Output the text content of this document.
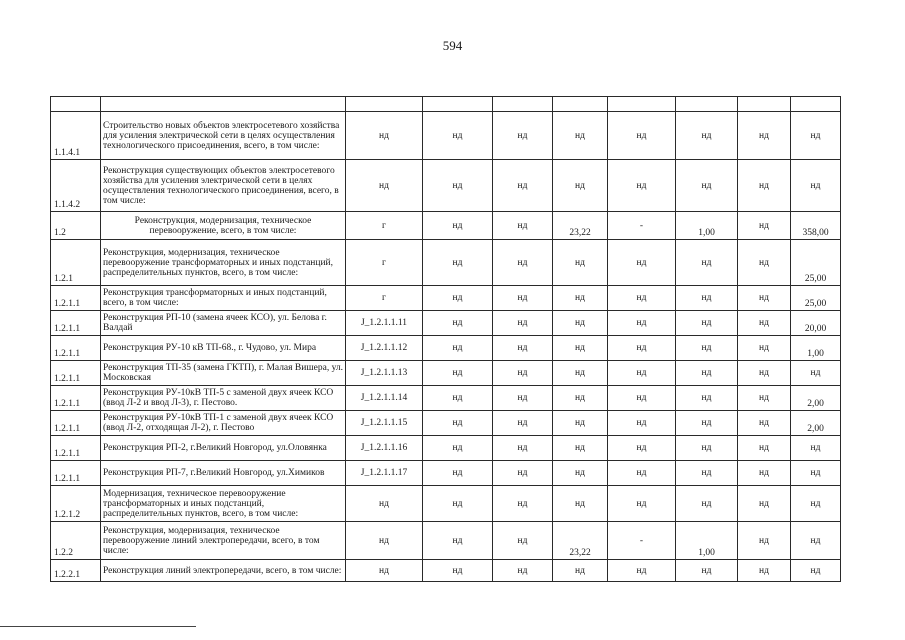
594

1.1.4.1	Строительство новых объектов электросетевого хозяйства для усиления электрической сети в целях осуществления технологического присоединения, всего, в том числе:	нд	нд	нд	нд	нд	нд	нд	нд
1.1.4.2	Реконструкция существующих объектов электросетевого хозяйства для усиления электрической сети в целях осуществления технологического присоединения, всего, в том числе:	нд	нд	нд	нд	нд	нд	нд	нд
1.2	Реконструкция, модернизация, техническое перевооружение, всего, в том числе:	г	нд	нд	23,22	-	1,00	нд	358,00
1.2.1	Реконструкция, модернизация, техническое перевооружение трансформаторных и иных подстанций, распределительных пунктов, всего, в том числе:	г	нд	нд	нд	нд	нд	нд	25,00
1.2.1.1	Реконструкция трансформаторных и иных подстанций, всего, в том числе:	г	нд	нд	нд	нд	нд	нд	25,00
1.2.1.1	Реконструкция РП-10 (замена ячеек КСО), ул. Белова г. Валдай	J_1.2.1.1.11	нд	нд	нд	нд	нд	нд	20,00
1.2.1.1	Реконструкция РУ-10 кВ ТП-68., г. Чудово, ул. Мира	J_1.2.1.1.12	нд	нд	нд	нд	нд	нд	1,00
1.2.1.1	Реконструкция ТП-35 (замена ГКТП), г. Малая Вишера, ул. Московская	J_1.2.1.1.13	нд	нд	нд	нд	нд	нд	нд
1.2.1.1	Реконструкция РУ-10кВ ТП-5 с заменой двух ячеек КСО (ввод Л-2 и ввод Л-3), г. Пестово.	J_1.2.1.1.14	нд	нд	нд	нд	нд	нд	2,00
1.2.1.1	Реконструкция РУ-10кВ ТП-1 с заменой двух ячеек КСО (ввод Л-2, отходящая Л-2), г. Пестово	J_1.2.1.1.15	нд	нд	нд	нд	нд	нд	2,00
1.2.1.1	Реконструкция РП-2, г.Великий Новгород, ул.Оловянка	J_1.2.1.1.16	нд	нд	нд	нд	нд	нд	нд
1.2.1.1	Реконструкция РП-7, г.Великий Новгород, ул.Химиков	J_1.2.1.1.17	нд	нд	нд	нд	нд	нд	нд
1.2.1.2	Модернизация, техническое перевооружение трансформаторных и иных подстанций, распределительных пунктов, всего, в том числе:	нд	нд	нд	нд	нд	нд	нд	нд
1.2.2	Реконструкция, модернизация, техническое перевооружение линий электропередачи, всего, в том числе:	нд	нд	нд	23,22	-	1,00	нд	нд
1.2.2.1	Реконструкция линий электропередачи, всего, в том числе:	нд	нд	нд	нд	нд	нд	нд	нд
